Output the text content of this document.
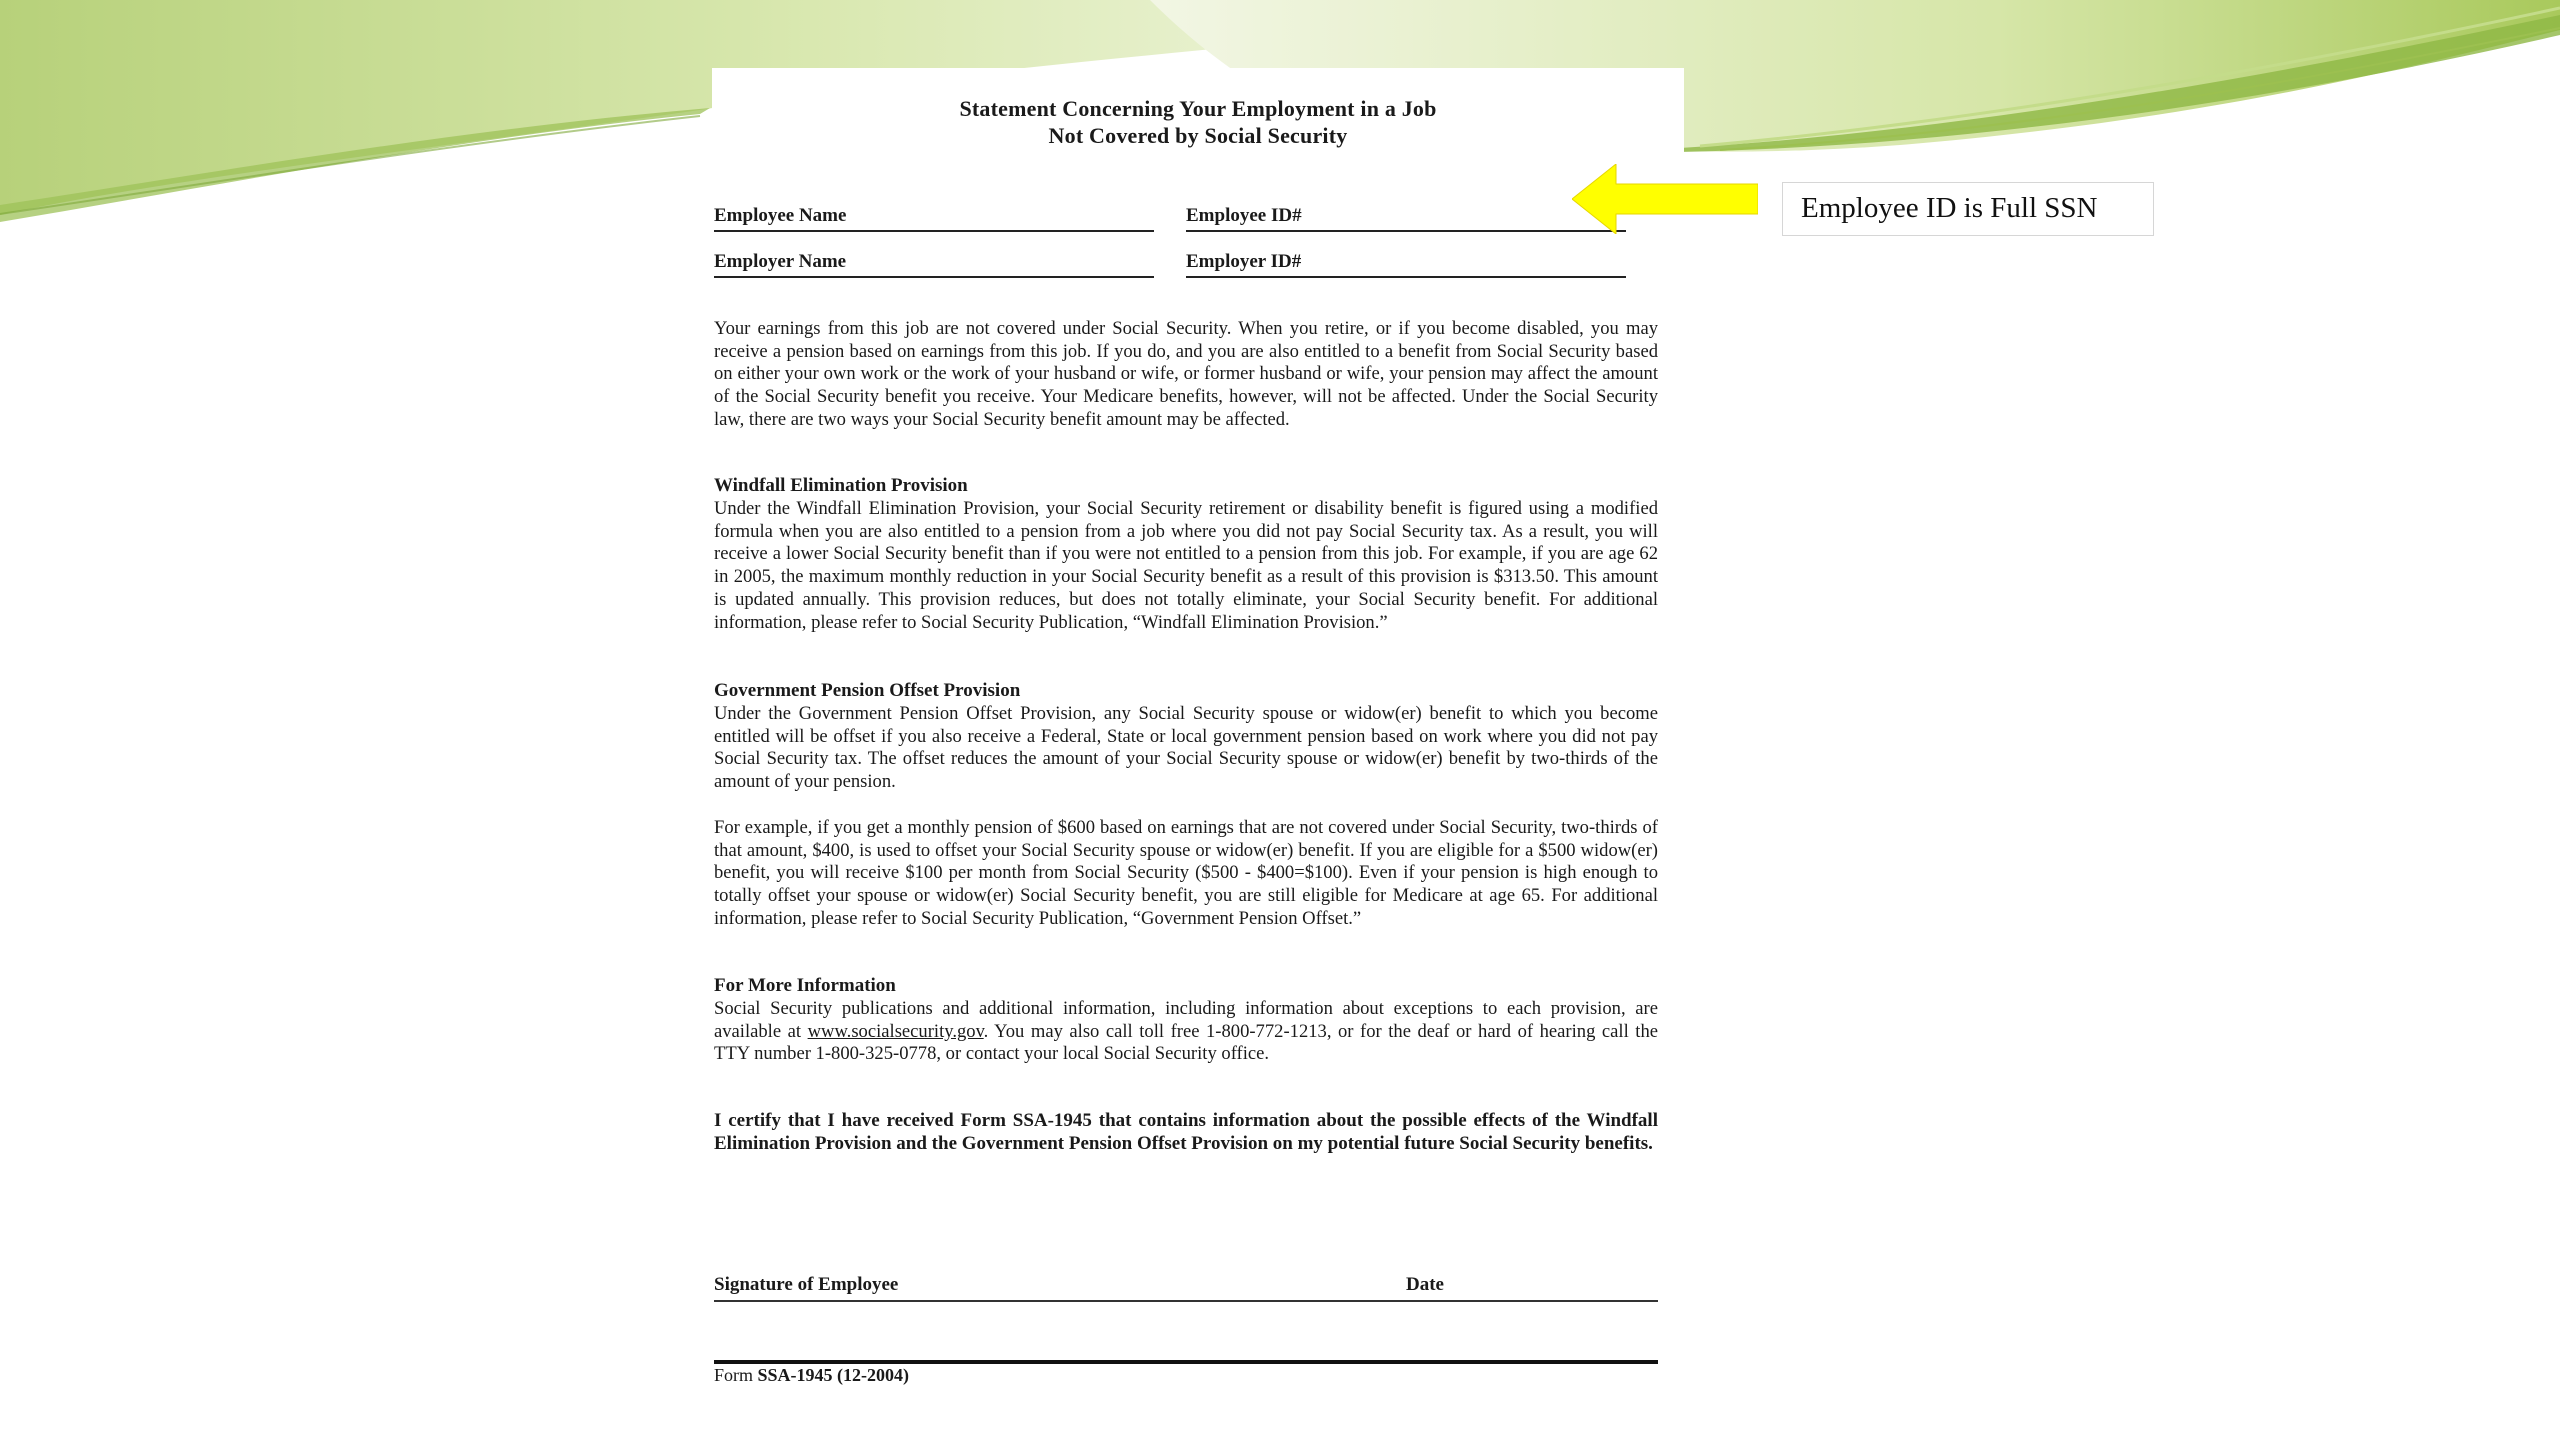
Statement Concerning Your Employment in a Job
Not Covered by Social Security
Employee Name	Employee ID#
Employer Name	Employer ID#

Your earnings from this job are not covered under Social Security. When you retire, or if you become disabled, you may receive a pension based on earnings from this job. If you do, and you are also entitled to a benefit from Social Security based on either your own work or the work of your husband or wife, or former husband or wife, your pension may affect the amount of the Social Security benefit you receive. Your Medicare benefits, however, will not be affected. Under the Social Security law, there are two ways your Social Security benefit amount may be affected.

Windfall Elimination Provision

Under the Windfall Elimination Provision, your Social Security retirement or disability benefit is figured using a modified formula when you are also entitled to a pension from a job where you did not pay Social Security tax. As a result, you will receive a lower Social Security benefit than if you were not entitled to a pension from this job. For example, if you are age 62 in 2005, the maximum monthly reduction in your Social Security benefit as a result of this provision is $313.50. This amount is updated annually. This provision reduces, but does not totally eliminate, your Social Security benefit. For additional information, please refer to Social Security Publication, “Windfall Elimination Provision.”

Government Pension Offset Provision

Under the Government Pension Offset Provision, any Social Security spouse or widow(er) benefit to which you become entitled will be offset if you also receive a Federal, State or local government pension based on work where you did not pay Social Security tax. The offset reduces the amount of your Social Security spouse or widow(er) benefit by two-thirds of the amount of your pension.

For example, if you get a monthly pension of $600 based on earnings that are not covered under Social Security, two-thirds of that amount, $400, is used to offset your Social Security spouse or widow(er) benefit. If you are eligible for a $500 widow(er) benefit, you will receive $100 per month from Social Security ($500 - $400=$100). Even if your pension is high enough to totally offset your spouse or widow(er) Social Security benefit, you are still eligible for Medicare at age 65. For additional information, please refer to Social Security Publication, “Government Pension Offset.”

For More Information

Social Security publications and additional information, including information about exceptions to each provision, are available at www.socialsecurity.gov. You may also call toll free 1-800-772-1213, or for the deaf or hard of hearing call the TTY number 1-800-325-0778, or contact your local Social Security office.

I certify that I have received Form SSA-1945 that contains information about the possible effects of the Windfall Elimination Provision and the Government Pension Offset Provision on my potential future Social Security benefits.

Signature of Employee	Date
Form SSA-1945 (12-2004)
Employee ID is Full SSN
